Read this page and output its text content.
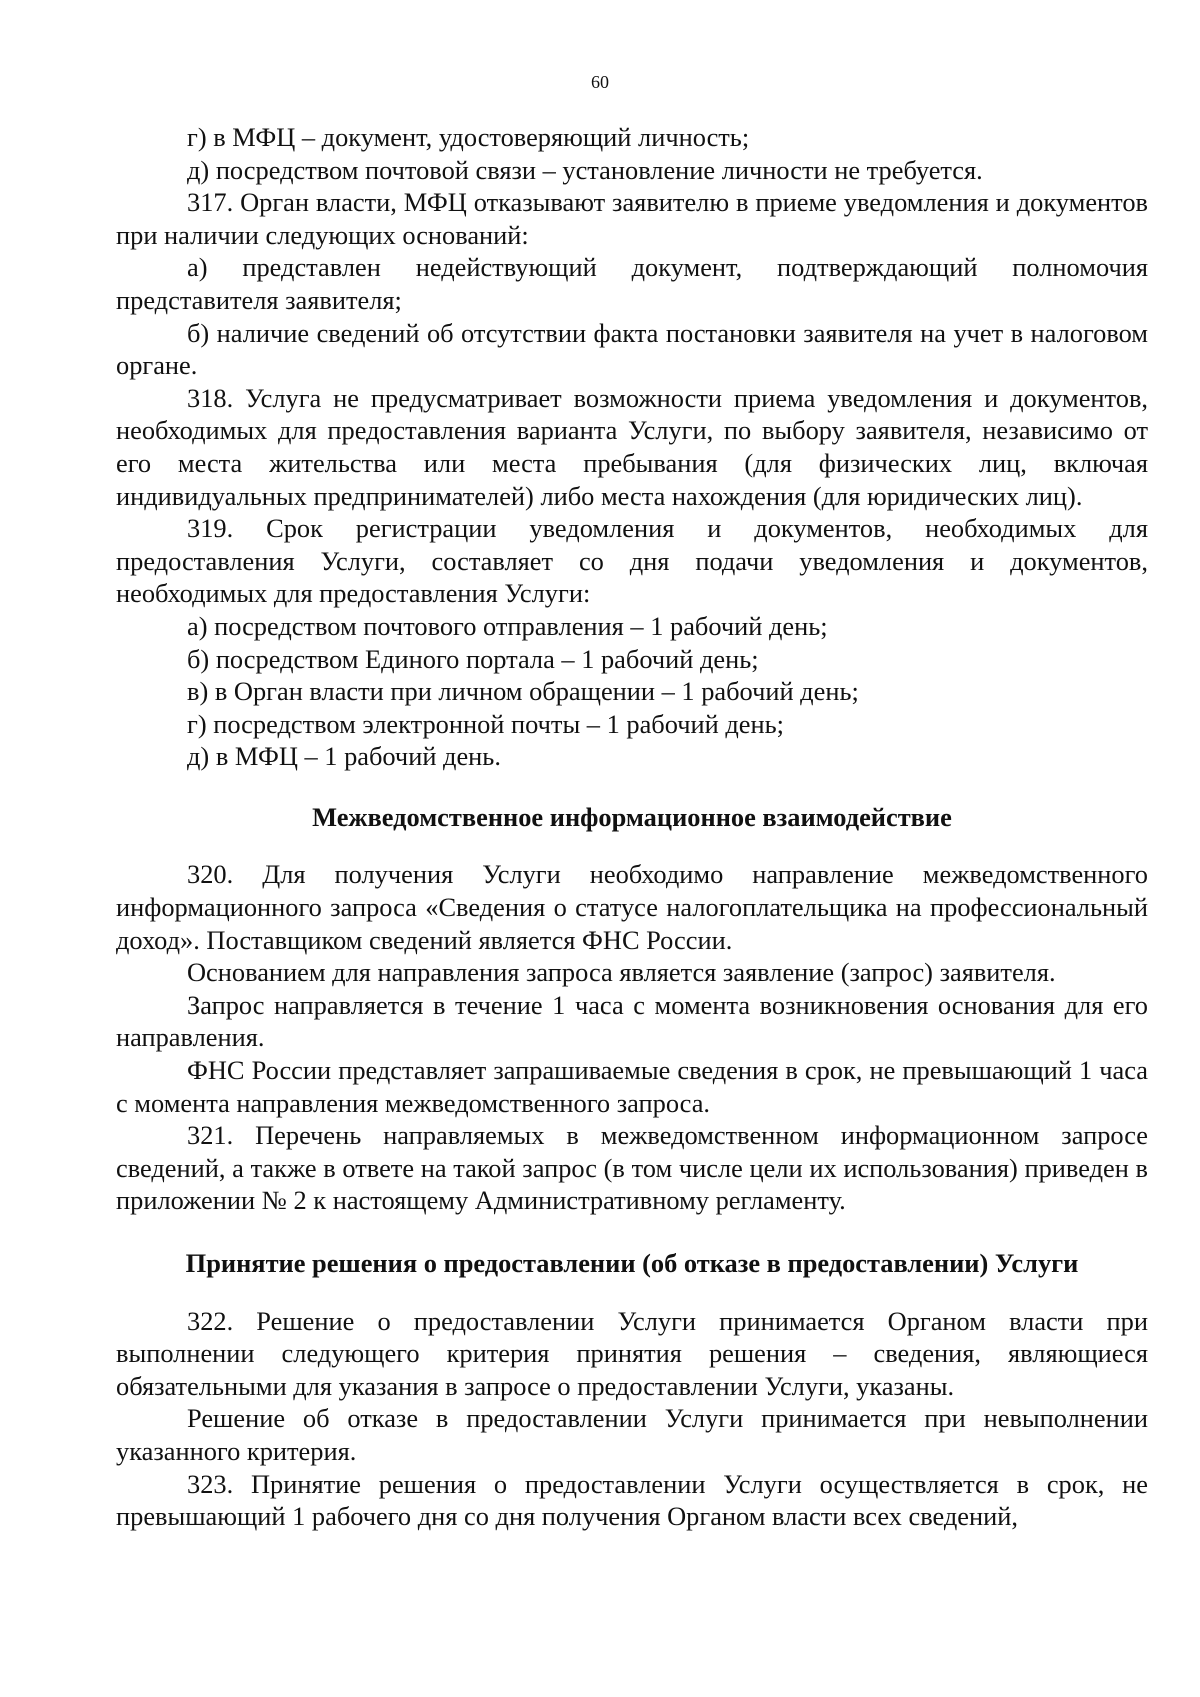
60

г) в МФЦ – документ, удостоверяющий личность;

д) посредством почтовой связи – установление личности не требуется.

317. Орган власти, МФЦ отказывают заявителю в приеме уведомления и документов при наличии следующих оснований:

а) представлен недействующий документ, подтверждающий полномочия представителя заявителя;

б) наличие сведений об отсутствии факта постановки заявителя на учет в налоговом органе.

318. Услуга не предусматривает возможности приема уведомления и документов, необходимых для предоставления варианта Услуги, по выбору заявителя, независимо от его места жительства или места пребывания (для физических лиц, включая индивидуальных предпринимателей) либо места нахождения (для юридических лиц).

319. Срок регистрации уведомления и документов, необходимых для предоставления Услуги, составляет со дня подачи уведомления и документов, необходимых для предоставления Услуги:

а) посредством почтового отправления – 1 рабочий день;

б) посредством Единого портала – 1 рабочий день;

в) в Орган власти при личном обращении – 1 рабочий день;

г) посредством электронной почты – 1 рабочий день;

д) в МФЦ – 1 рабочий день.

Межведомственное информационное взаимодействие

320. Для получения Услуги необходимо направление межведомственного информационного запроса «Сведения о статусе налогоплательщика на профессиональный доход». Поставщиком сведений является ФНС России.

Основанием для направления запроса является заявление (запрос) заявителя.

Запрос направляется в течение 1 часа с момента возникновения основания для его направления.

ФНС России представляет запрашиваемые сведения в срок, не превышающий 1 часа с момента направления межведомственного запроса.

321. Перечень направляемых в межведомственном информационном запросе сведений, а также в ответе на такой запрос (в том числе цели их использования) приведен в приложении № 2 к настоящему Административному регламенту.

Принятие решения о предоставлении (об отказе в предоставлении) Услуги

322. Решение о предоставлении Услуги принимается Органом власти при выполнении следующего критерия принятия решения – сведения, являющиеся обязательными для указания в запросе о предоставлении Услуги, указаны.

Решение об отказе в предоставлении Услуги принимается при невыполнении указанного критерия.

323. Принятие решения о предоставлении Услуги осуществляется в срок, не превышающий 1 рабочего дня со дня получения Органом власти всех сведений,
